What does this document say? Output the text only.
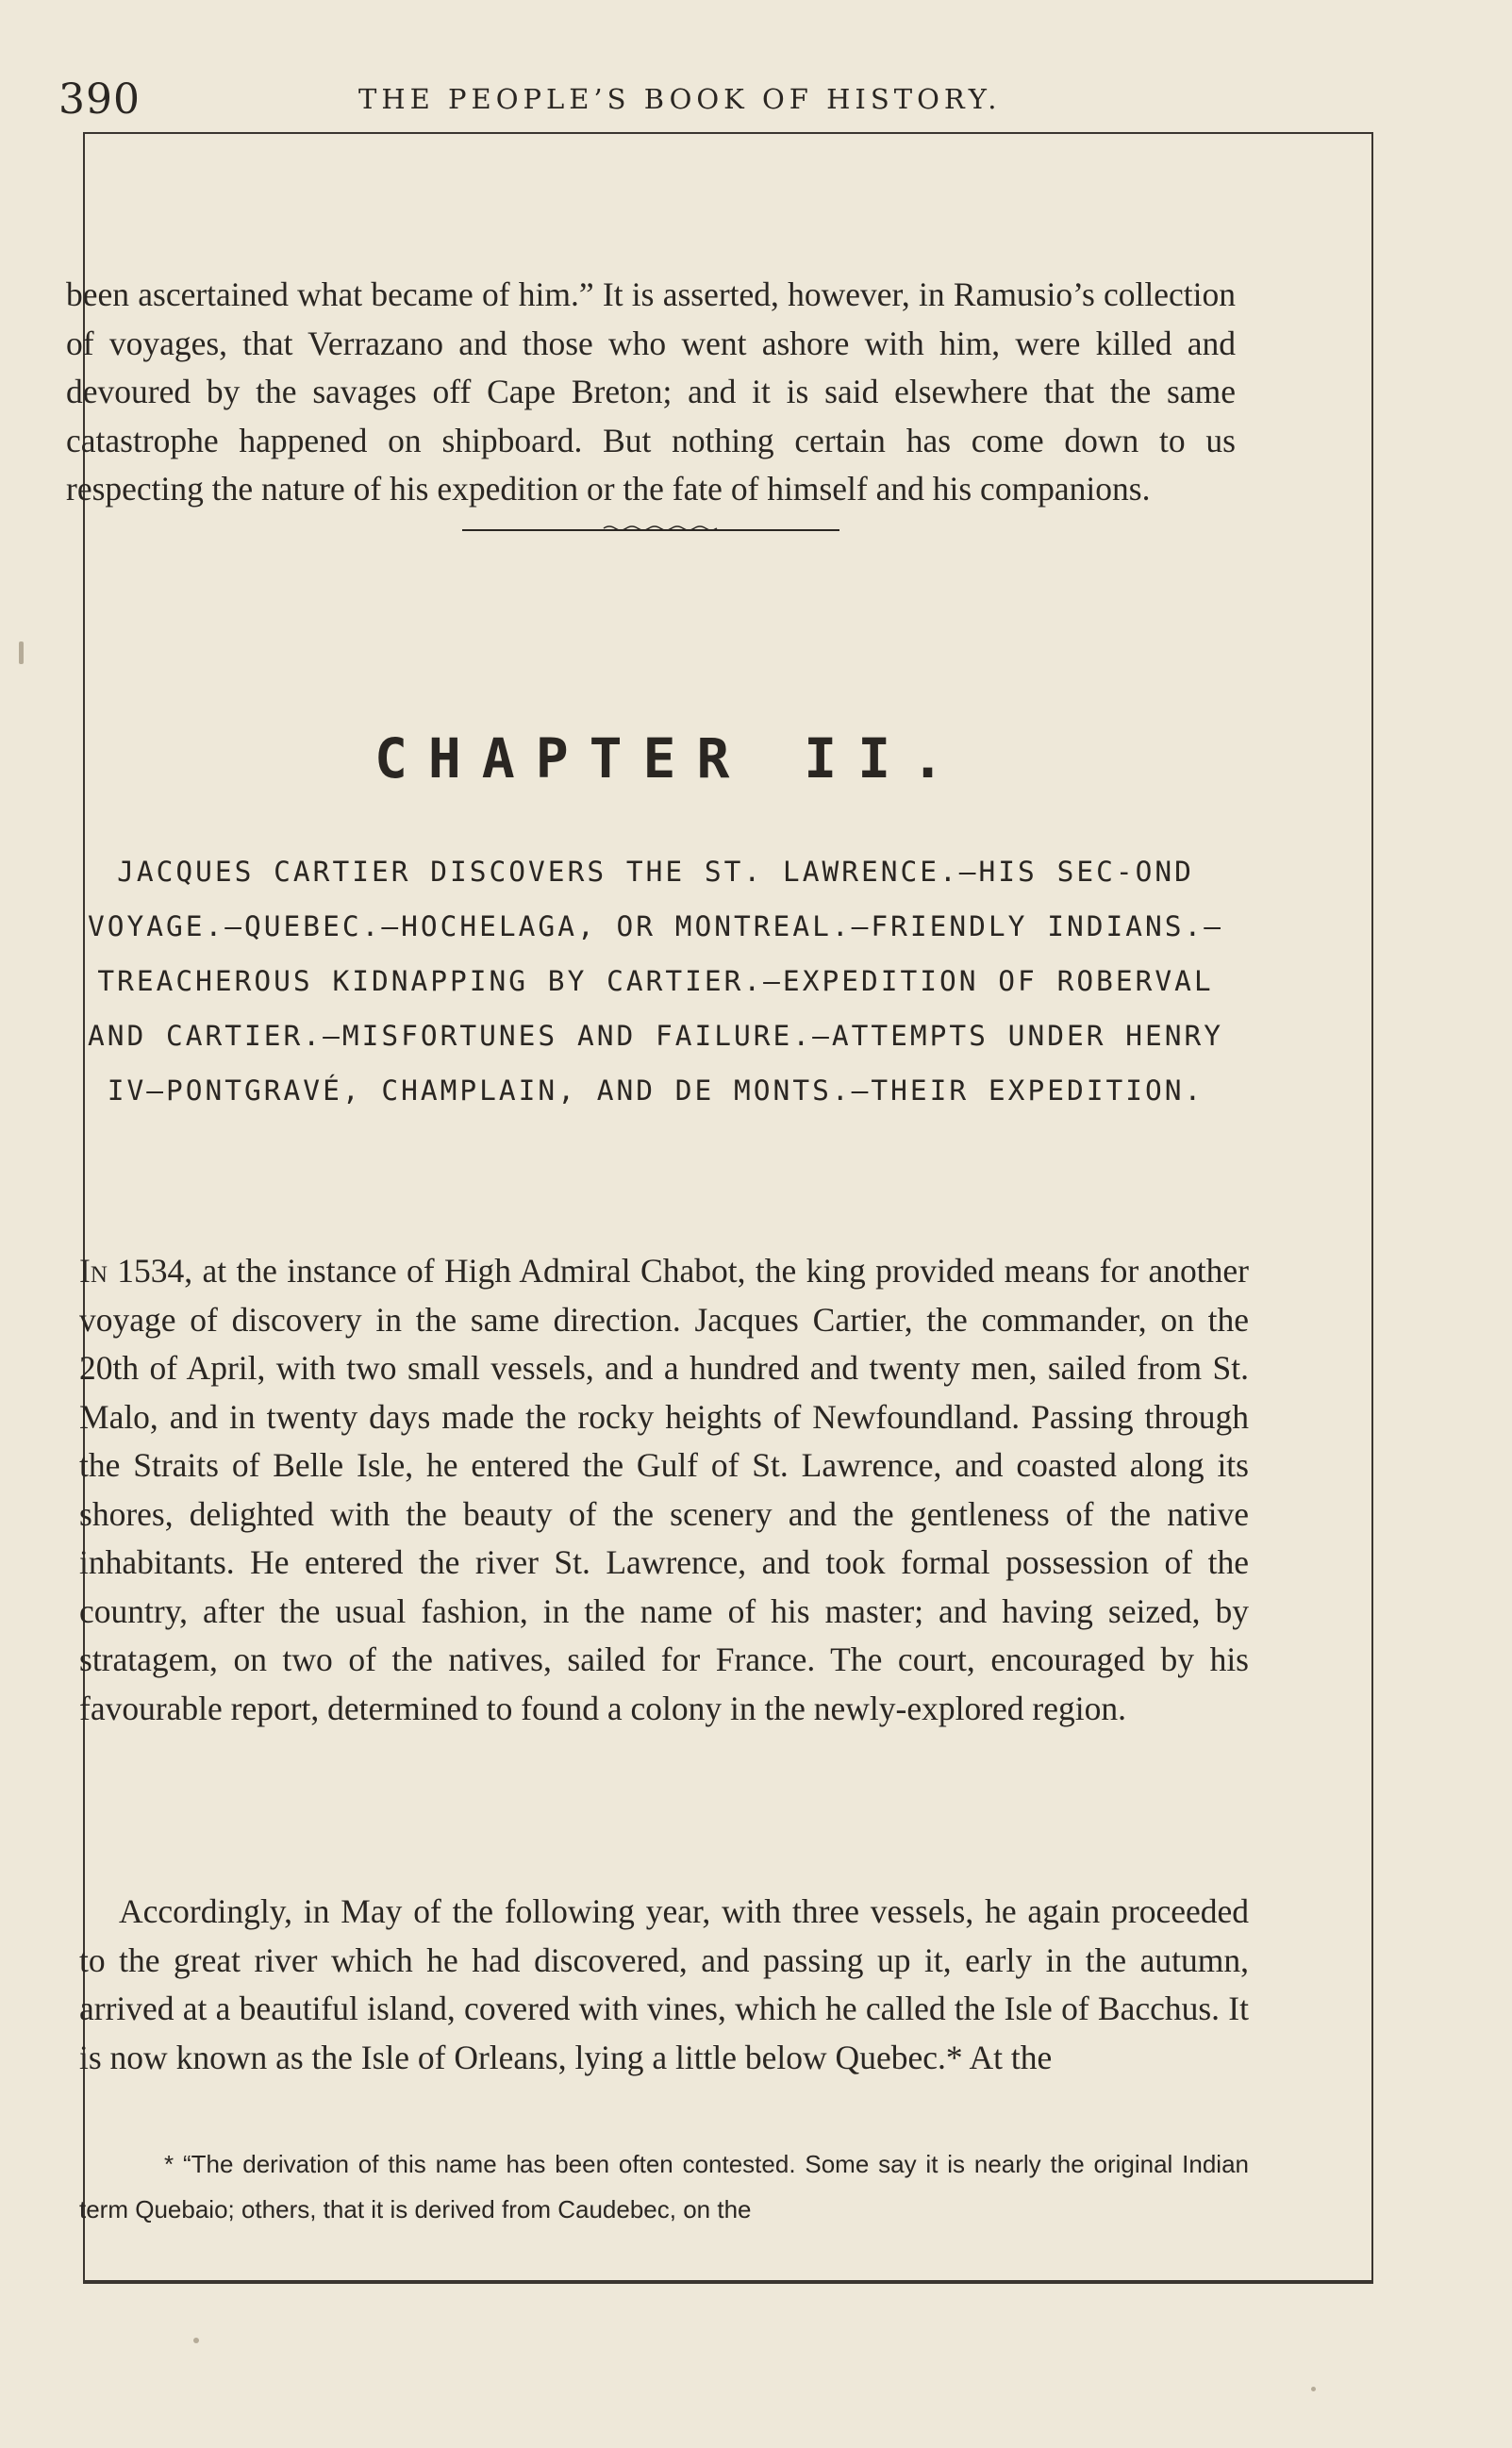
390	THE PEOPLE’S BOOK OF HISTORY.

been ascertained what became of him.” It is asserted, however, in Ramusio’s collection of voyages, that Verrazano and those who went ashore with him, were killed and devoured by the savages off Cape Breton; and it is said elsewhere that the same catastrophe happened on shipboard. But nothing certain has come down to us respecting the nature of his expedition or the fate of himself and his companions.

CHAPTER II.

JACQUES CARTIER DISCOVERS THE ST. LAWRENCE.—HIS SEC-OND VOYAGE.—QUEBEC.—HOCHELAGA, OR MONTREAL.—FRIENDLY INDIANS.—TREACHEROUS KIDNAPPING BY CARTIER.—EXPEDITION OF ROBERVAL AND CARTIER.—MISFORTUNES AND FAILURE.—ATTEMPTS UNDER HENRY IV—PONTGRAVÉ, CHAMPLAIN, AND DE MONTS.—THEIR EXPEDITION.

In 1534, at the instance of High Admiral Chabot, the king provided means for another voyage of discovery in the same direction. Jacques Cartier, the commander, on the 20th of April, with two small vessels, and a hundred and twenty men, sailed from St. Malo, and in twenty days made the rocky heights of Newfoundland. Passing through the Straits of Belle Isle, he entered the Gulf of St. Lawrence, and coasted along its shores, delighted with the beauty of the scenery and the gentleness of the native inhabitants. He entered the river St. Lawrence, and took formal possession of the country, after the usual fashion, in the name of his master; and having seized, by stratagem, on two of the natives, sailed for France. The court, encouraged by his favourable report, determined to found a colony in the newly-explored region.

Accordingly, in May of the following year, with three vessels, he again proceeded to the great river which he had discovered, and passing up it, early in the autumn, arrived at a beautiful island, covered with vines, which he called the Isle of Bacchus. It is now known as the Isle of Orleans, lying a little below Quebec.* At the

* “The derivation of this name has been often contested. Some say it is nearly the original Indian term Quebaio; others, that it is derived from Caudebec, on the
